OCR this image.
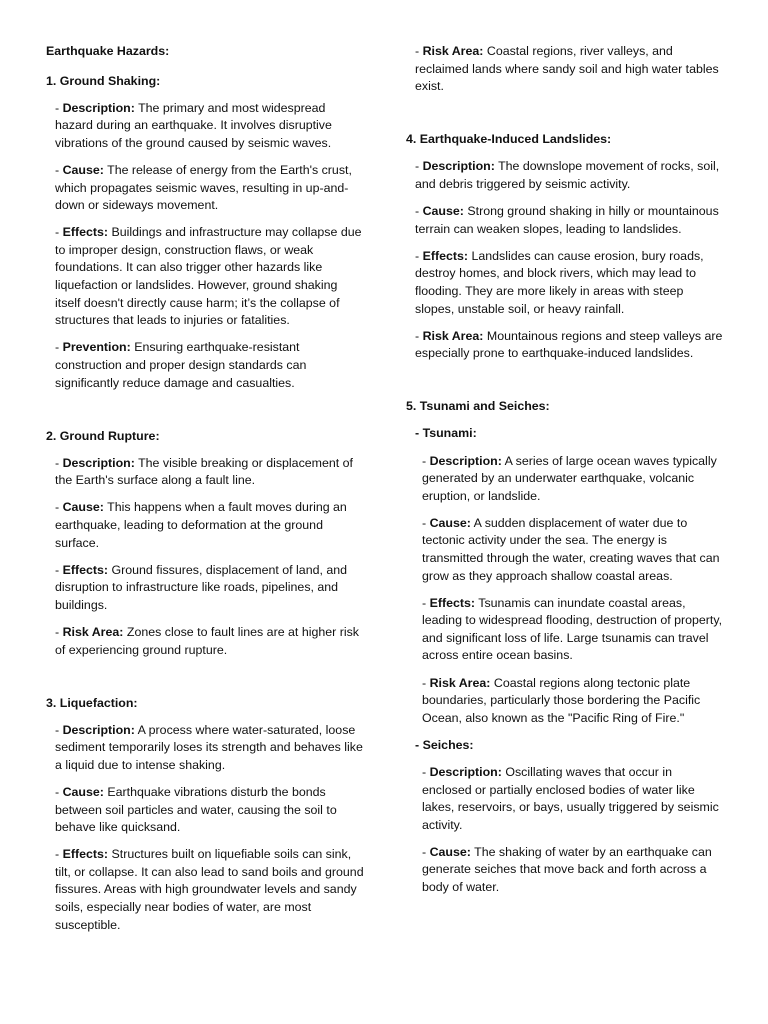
Earthquake Hazards:

1. Ground Shaking:

- Description: The primary and most widespread hazard during an earthquake. It involves disruptive vibrations of the ground caused by seismic waves.

- Cause: The release of energy from the Earth's crust, which propagates seismic waves, resulting in up-and-down or sideways movement.

- Effects: Buildings and infrastructure may collapse due to improper design, construction flaws, or weak foundations. It can also trigger other hazards like liquefaction or landslides. However, ground shaking itself doesn't directly cause harm; it’s the collapse of structures that leads to injuries or fatalities.

- Prevention: Ensuring earthquake-resistant construction and proper design standards can significantly reduce damage and casualties.

2. Ground Rupture:

- Description: The visible breaking or displacement of the Earth's surface along a fault line.

- Cause: This happens when a fault moves during an earthquake, leading to deformation at the ground surface.

- Effects: Ground fissures, displacement of land, and disruption to infrastructure like roads, pipelines, and buildings.

- Risk Area: Zones close to fault lines are at higher risk of experiencing ground rupture.

3. Liquefaction:

- Description: A process where water-saturated, loose sediment temporarily loses its strength and behaves like a liquid due to intense shaking.

- Cause: Earthquake vibrations disturb the bonds between soil particles and water, causing the soil to behave like quicksand.

- Effects: Structures built on liquefiable soils can sink, tilt, or collapse. It can also lead to sand boils and ground fissures. Areas with high groundwater levels and sandy soils, especially near bodies of water, are most susceptible.

- Risk Area: Coastal regions, river valleys, and reclaimed lands where sandy soil and high water tables exist.

4. Earthquake-Induced Landslides:

- Description: The downslope movement of rocks, soil, and debris triggered by seismic activity.

- Cause: Strong ground shaking in hilly or mountainous terrain can weaken slopes, leading to landslides.

- Effects: Landslides can cause erosion, bury roads, destroy homes, and block rivers, which may lead to flooding. They are more likely in areas with steep slopes, unstable soil, or heavy rainfall.

- Risk Area: Mountainous regions and steep valleys are especially prone to earthquake-induced landslides.

5. Tsunami and Seiches:

- Tsunami:

- Description: A series of large ocean waves typically generated by an underwater earthquake, volcanic eruption, or landslide.

- Cause: A sudden displacement of water due to tectonic activity under the sea. The energy is transmitted through the water, creating waves that can grow as they approach shallow coastal areas.

- Effects: Tsunamis can inundate coastal areas, leading to widespread flooding, destruction of property, and significant loss of life. Large tsunamis can travel across entire ocean basins.

- Risk Area: Coastal regions along tectonic plate boundaries, particularly those bordering the Pacific Ocean, also known as the "Pacific Ring of Fire."

- Seiches:

- Description: Oscillating waves that occur in enclosed or partially enclosed bodies of water like lakes, reservoirs, or bays, usually triggered by seismic activity.

- Cause: The shaking of water by an earthquake can generate seiches that move back and forth across a body of water.
